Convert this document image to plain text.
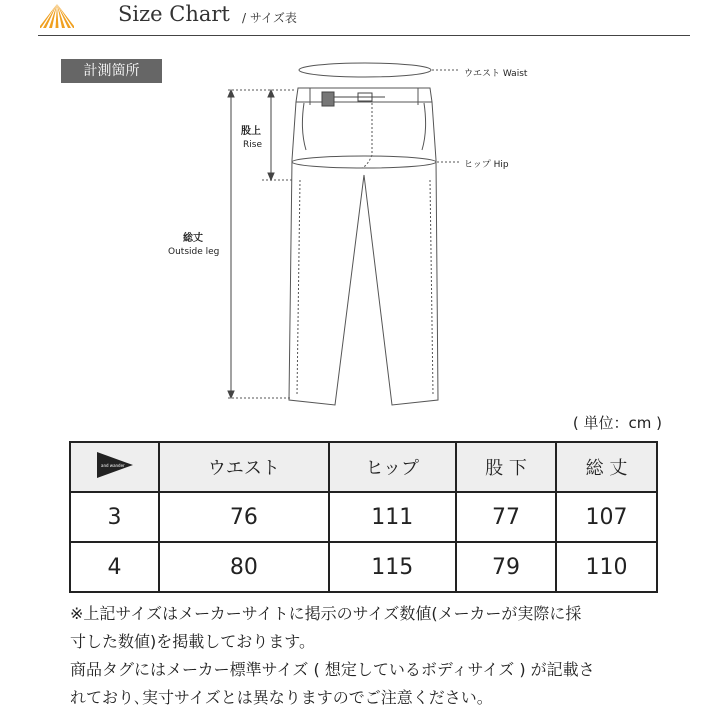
Size Chart / サイズ表
計測箇所	ウエスト Waist
ヒップ Hip
股上
Rise
総丈
Outside leg
( 単位：cm )
and wander	ウエスト	ヒップ	股 下	総 丈
3	76	111	77	107
4	80	115	79	110

※上記サイズはメーカーサイトに掲示のサイズ数値(メーカーが実際に採

寸した数値)を掲載しております。

商品タグにはメーカー標準サイズ ( 想定しているボディサイズ ) が記載さ

れており､実寸サイズとは異なりますのでご注意ください。
